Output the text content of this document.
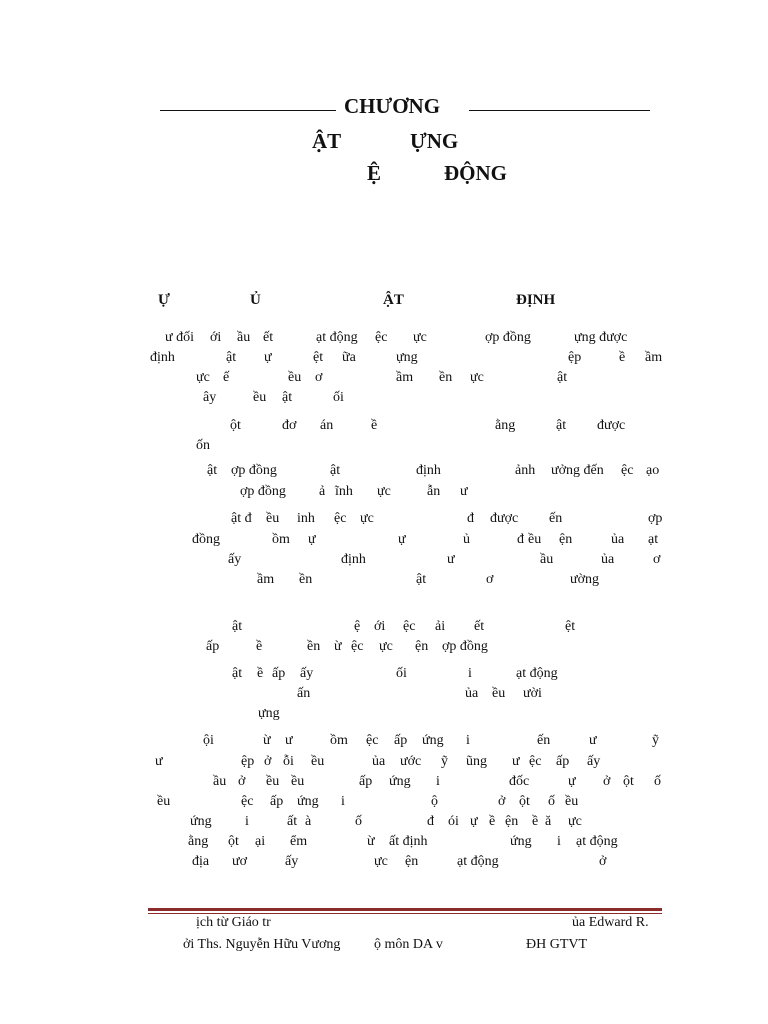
CHƯƠNG
ẬT	ỰNG
Ệ	ĐỘNG
Ự	Ủ	ẬT	ĐỊNH
ư đối ới ầu ết	ạt động ệc ực	ợp đồng	ựng được
định	ật ự	ệt ữa	ựng	ệp	ề ầm
ực ế	ều ơ	ầm ền ực	ật
ây	ều ật	ối
ột	đơ án	ề	ằng	ật được
ốn
ật ợp đồng	ật	định	ảnh ưởng đến ệc ạo
ợp đồng ả ĩnh ực	ẫn ư
ật đ ều inh ệc ực	đ được ến	ợp
đồng	ồm ự	ự	ủ	đ ều ện	ủa ạt
ấy	định	ư	ầu	ủa	ơ
ầm ền	ật	ơ	ường
ật	ệ ới ệc ải ết	ệt
ấp	ề	ền ừ ệc ực ện ợp đồng
ật ề ấp ấy	ối	i	ạt động
ấn	ủa ều ười
ựng
ội	ừ ư	ồm ệc ấp ứng i	ến	ư	ỹ
ư	ệp ở ỗi ều	ủa ước ỹ ũng ư ệc ấp ấy
ầu ở ều ều	ấp ứng i	đốc	ự ở ột ố
ều	ệc ấp ứng i	ộ	ở ột ố ều
ứng i	ất à	ố	đ ói ự ề ện ề ă ực
ằng ột ại ểm	ừ ất định	ứng i ạt động
địa ươ	ấy	ực ện	ạt động	ở
ịch từ Giáo tr	ủa Edward R.
ởi Ths. Nguyễn Hữu Vương ộ môn DA v	ĐH GTVT
